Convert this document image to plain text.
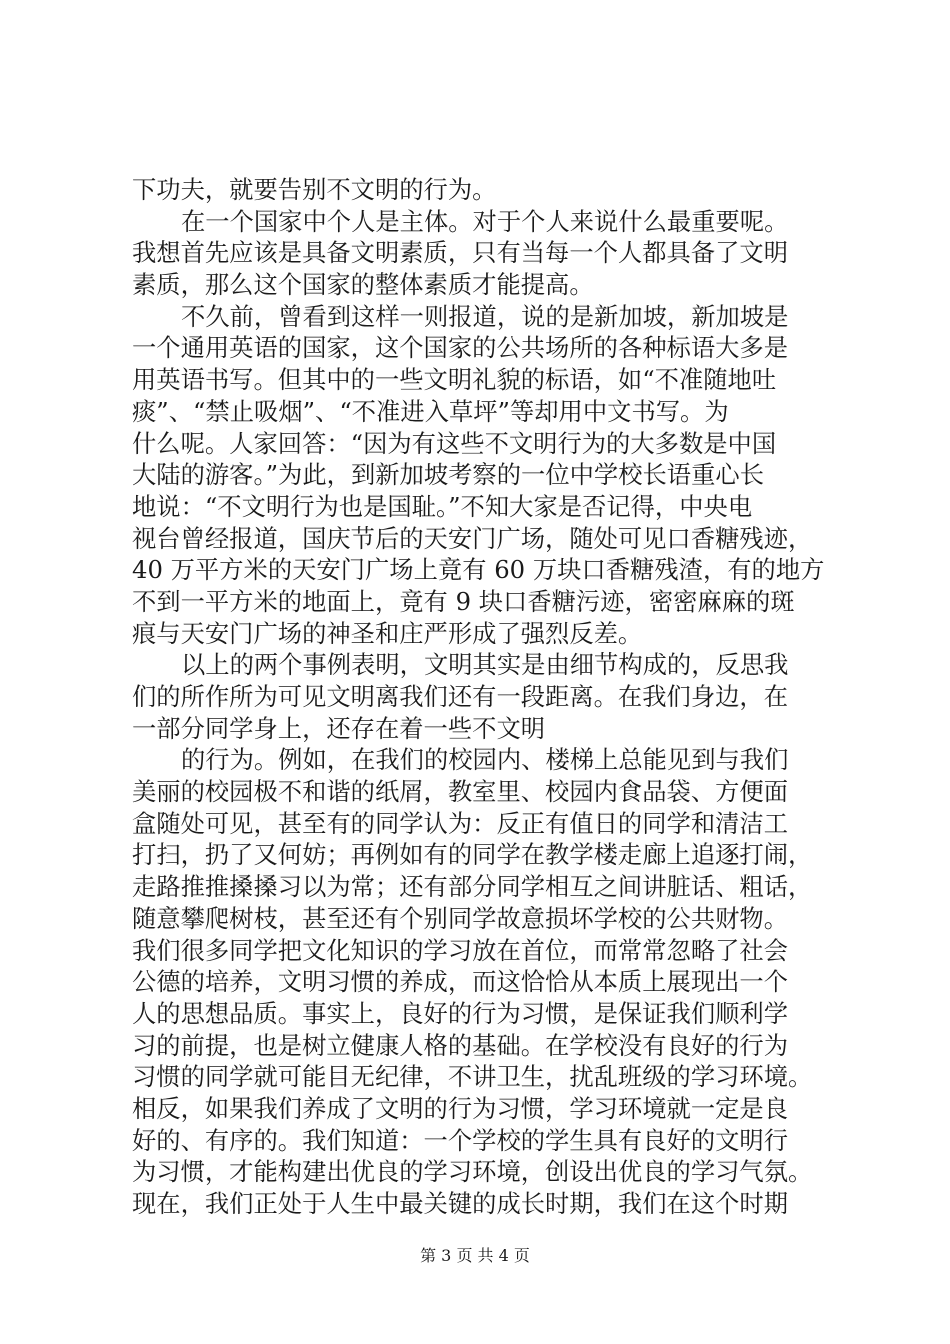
下功夫，就要告别不文明的行为。
在一个国家中个人是主体。对于个人来说什么最重要呢。
我想首先应该是具备文明素质，只有当每一个人都具备了文明
素质，那么这个国家的整体素质才能提高。
不久前，曾看到这样一则报道，说的是新加坡，新加坡是
一个通用英语的国家，这个国家的公共场所的各种标语大多是
用英语书写。但其中的一些文明礼貌的标语，如“不准随地吐
痰”、“禁止吸烟”、“不准进入草坪”等却用中文书写。为
什么呢。人家回答：“因为有这些不文明行为的大多数是中国
大陆的游客。”为此，到新加坡考察的一位中学校长语重心长
地说：“不文明行为也是国耻。”不知大家是否记得，中央电
视台曾经报道，国庆节后的天安门广场，随处可见口香糖残迹，
40 万平方米的天安门广场上竟有 60 万块口香糖残渣，有的地方
不到一平方米的地面上，竟有 9 块口香糖污迹，密密麻麻的斑
痕与天安门广场的神圣和庄严形成了强烈反差。
以上的两个事例表明，文明其实是由细节构成的，反思我
们的所作所为可见文明离我们还有一段距离。在我们身边，在
一部分同学身上，还存在着一些不文明
的行为。例如，在我们的校园内、楼梯上总能见到与我们
美丽的校园极不和谐的纸屑，教室里、校园内食品袋、方便面
盒随处可见，甚至有的同学认为：反正有值日的同学和清洁工
打扫，扔了又何妨；再例如有的同学在教学楼走廊上追逐打闹，
走路推推搡搡习以为常；还有部分同学相互之间讲脏话、粗话，
随意攀爬树枝，甚至还有个别同学故意损坏学校的公共财物。
我们很多同学把文化知识的学习放在首位，而常常忽略了社会
公德的培养，文明习惯的养成，而这恰恰从本质上展现出一个
人的思想品质。事实上，良好的行为习惯，是保证我们顺利学
习的前提，也是树立健康人格的基础。在学校没有良好的行为
习惯的同学就可能目无纪律，不讲卫生，扰乱班级的学习环境。
相反，如果我们养成了文明的行为习惯，学习环境就一定是良
好的、有序的。我们知道：一个学校的学生具有良好的文明行
为习惯，才能构建出优良的学习环境，创设出优良的学习气氛。
现在，我们正处于人生中最关键的成长时期，我们在这个时期
第 3 页 共 4 页
